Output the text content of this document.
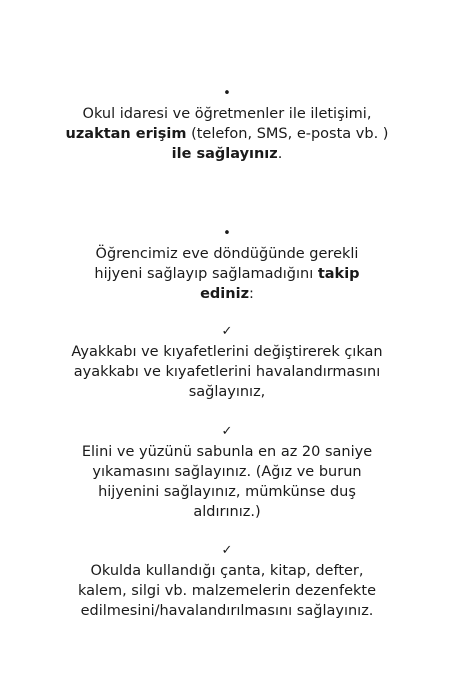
•
Okul idaresi ve öğretmenler ile iletişimi,
uzaktan erişim (telefon, SMS, e-posta vb. )
ile sağlayınız.
•
Öğrencimiz eve döndüğünde gerekli
hijyeni sağlayıp sağlamadığını takip
ediniz:
✓
Ayakkabı ve kıyafetlerini değiştirerek çıkan
ayakkabı ve kıyafetlerini havalandırmasını
sağlayınız,
✓
Elini ve yüzünü sabunla en az 20 saniye
yıkamasını sağlayınız. (Ağız ve burun
hijyenini sağlayınız, mümkünse duş
aldırınız.)
✓
Okulda kullandığı çanta, kitap, defter,
kalem, silgi vb. malzemelerin dezenfekte
edilmesini/havalandırılmasını sağlayınız.
